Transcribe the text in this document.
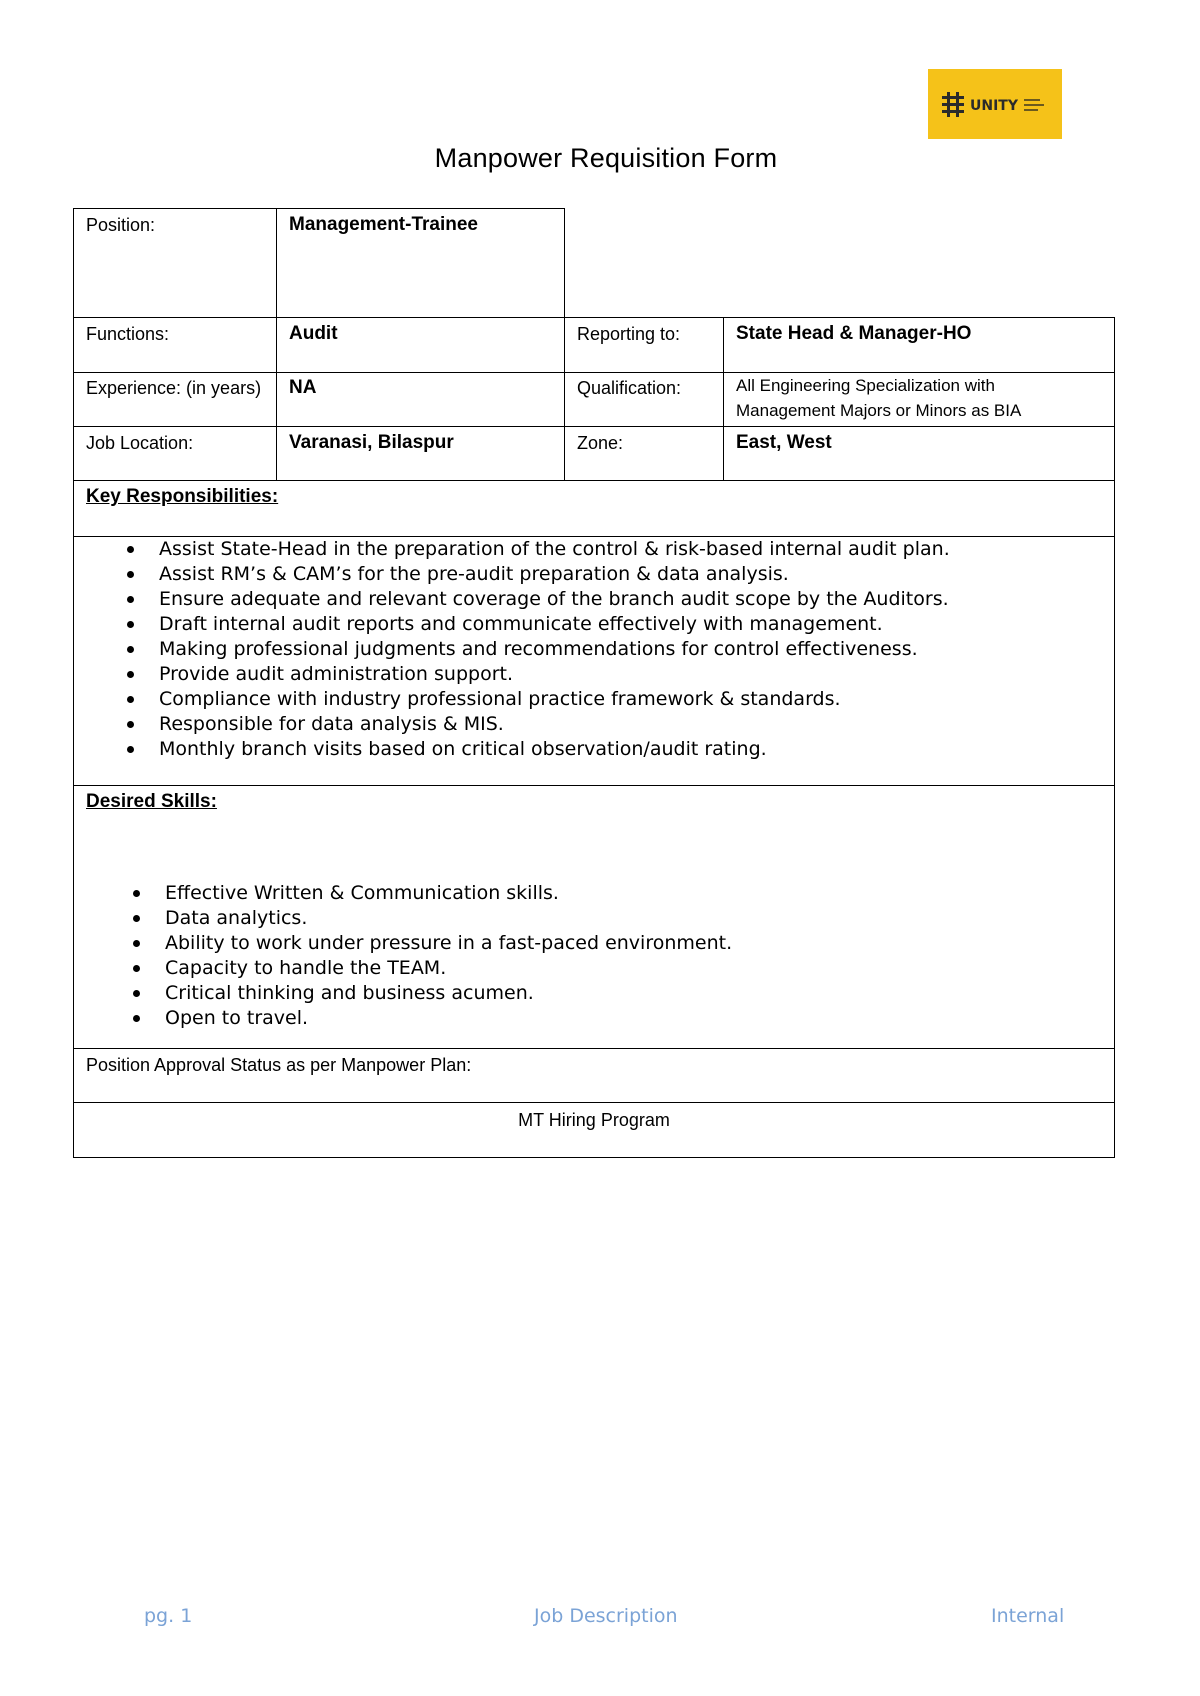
UNITY
Manpower Requisition Form
Position:	Management-Trainee
Functions:	Audit	Reporting to:	State Head & Manager-HO
Experience: (in years) NA	Qualification:	All Engineering Specialization with Management Majors or Minors as BIA
Job Location:	Varanasi, Bilaspur	Zone:	East, West
Key Responsibilities:
Assist State-Head in the preparation of the control & risk-based internal audit plan.
Assist RM’s & CAM’s for the pre-audit preparation & data analysis.
Ensure adequate and relevant coverage of the branch audit scope by the Auditors.
Draft internal audit reports and communicate effectively with management.
Making professional judgments and recommendations for control effectiveness.
Provide audit administration support.
Compliance with industry professional practice framework & standards.
Responsible for data analysis & MIS.
Monthly branch visits based on critical observation/audit rating.
Desired Skills:
Effective Written & Communication skills.
Data analytics.
Ability to work under pressure in a fast-paced environment.
Capacity to handle the TEAM.
Critical thinking and business acumen.
Open to travel.
Position Approval Status as per Manpower Plan:
MT Hiring Program
pg. 1	Job Description	Internal
